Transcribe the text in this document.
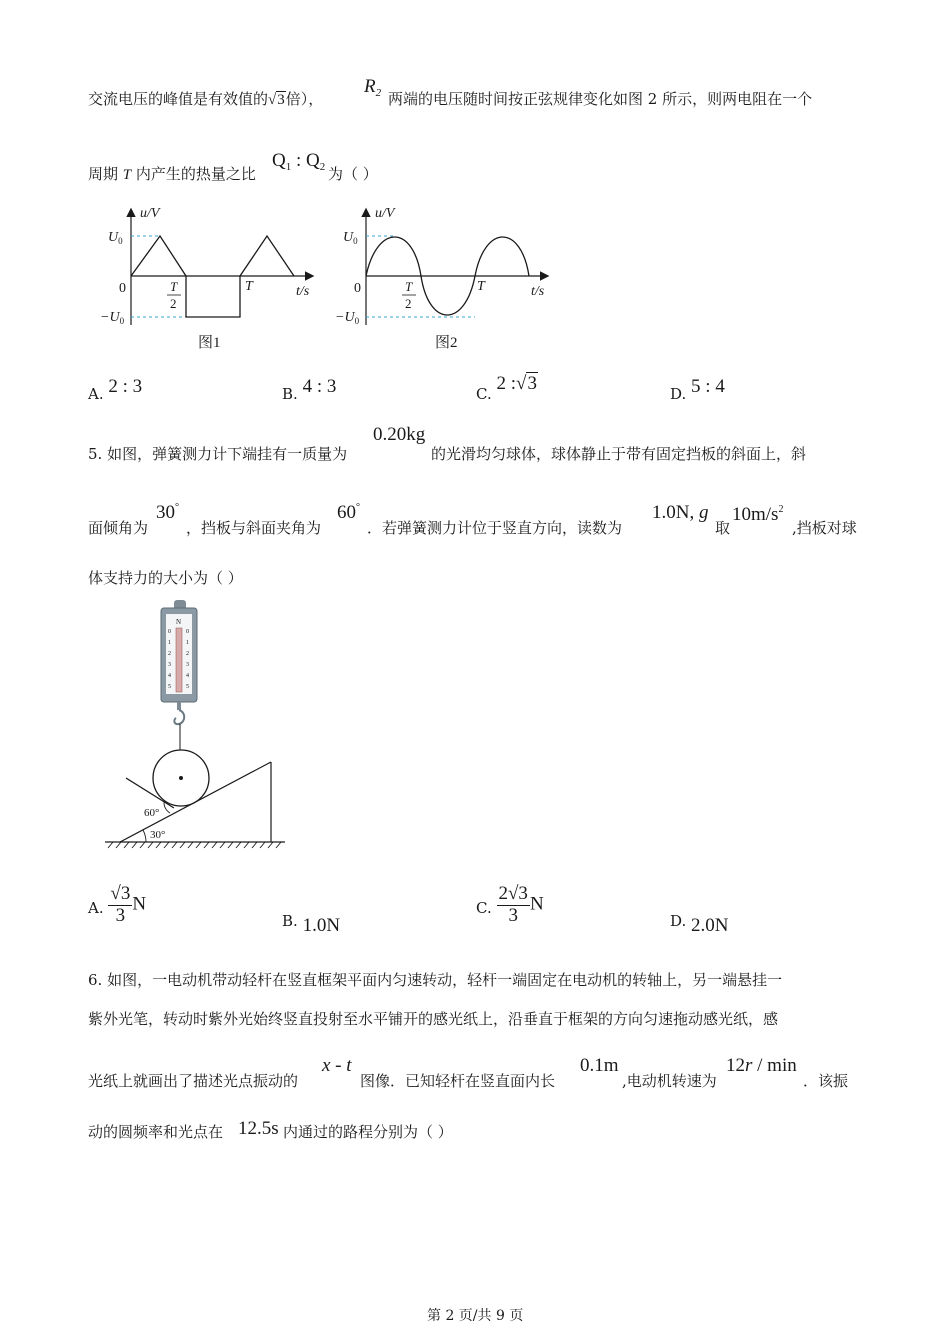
交流电压的峰值是有效值的√3倍），
$R_2$ 两端的电压随时间按正弦规律变化如图 2 所示，则两电阻在一个
周期 T 内产生的热量之比
$Q_1$ : $Q_2$ 为（ ）
u/V
$U_0$
0
$-U_0$
T
2
T	t/s
图1
u/V
$U_0$
0
$-U_0$
T
2
T	t/s
图2
A. 2 : 3	B. 4 : 3	C. 2 :√3	D. 5 : 4
5. 如图，弹簧测力计下端挂有一质量为
0.20kg
的光滑均匀球体，球体静止于带有固定挡板的斜面上，斜
面倾角为
30°
，挡板与斜面夹角为
60°
．若弹簧测力计位于竖直方向，读数为
1.0N, g
取
$10m/s^2$
,挡板对球
体支持力的大小为（ ）
N
0
1
2
3
4
5
0
1
2
3
4
5
60°
30°
A. $\frac{√3}{3}$ N
B. 1.0N
C. $\frac{2√3}{3}$ N
D. 2.0N
6. 如图，一电动机带动轻杆在竖直框架平面内匀速转动，轻杆一端固定在电动机的转轴上，另一端悬挂一
紫外光笔，转动时紫外光始终竖直投射至水平铺开的感光纸上，沿垂直于框架的方向匀速拖动感光纸，感
光纸上就画出了描述光点振动的
x - t
图像．已知轻杆在竖直面内长
0.1m
,电动机转速为
12r / min
．该振
动的圆频率和光点在 12.5s 内通过的路程分别为（ ）
第 2 页/共 9 页
